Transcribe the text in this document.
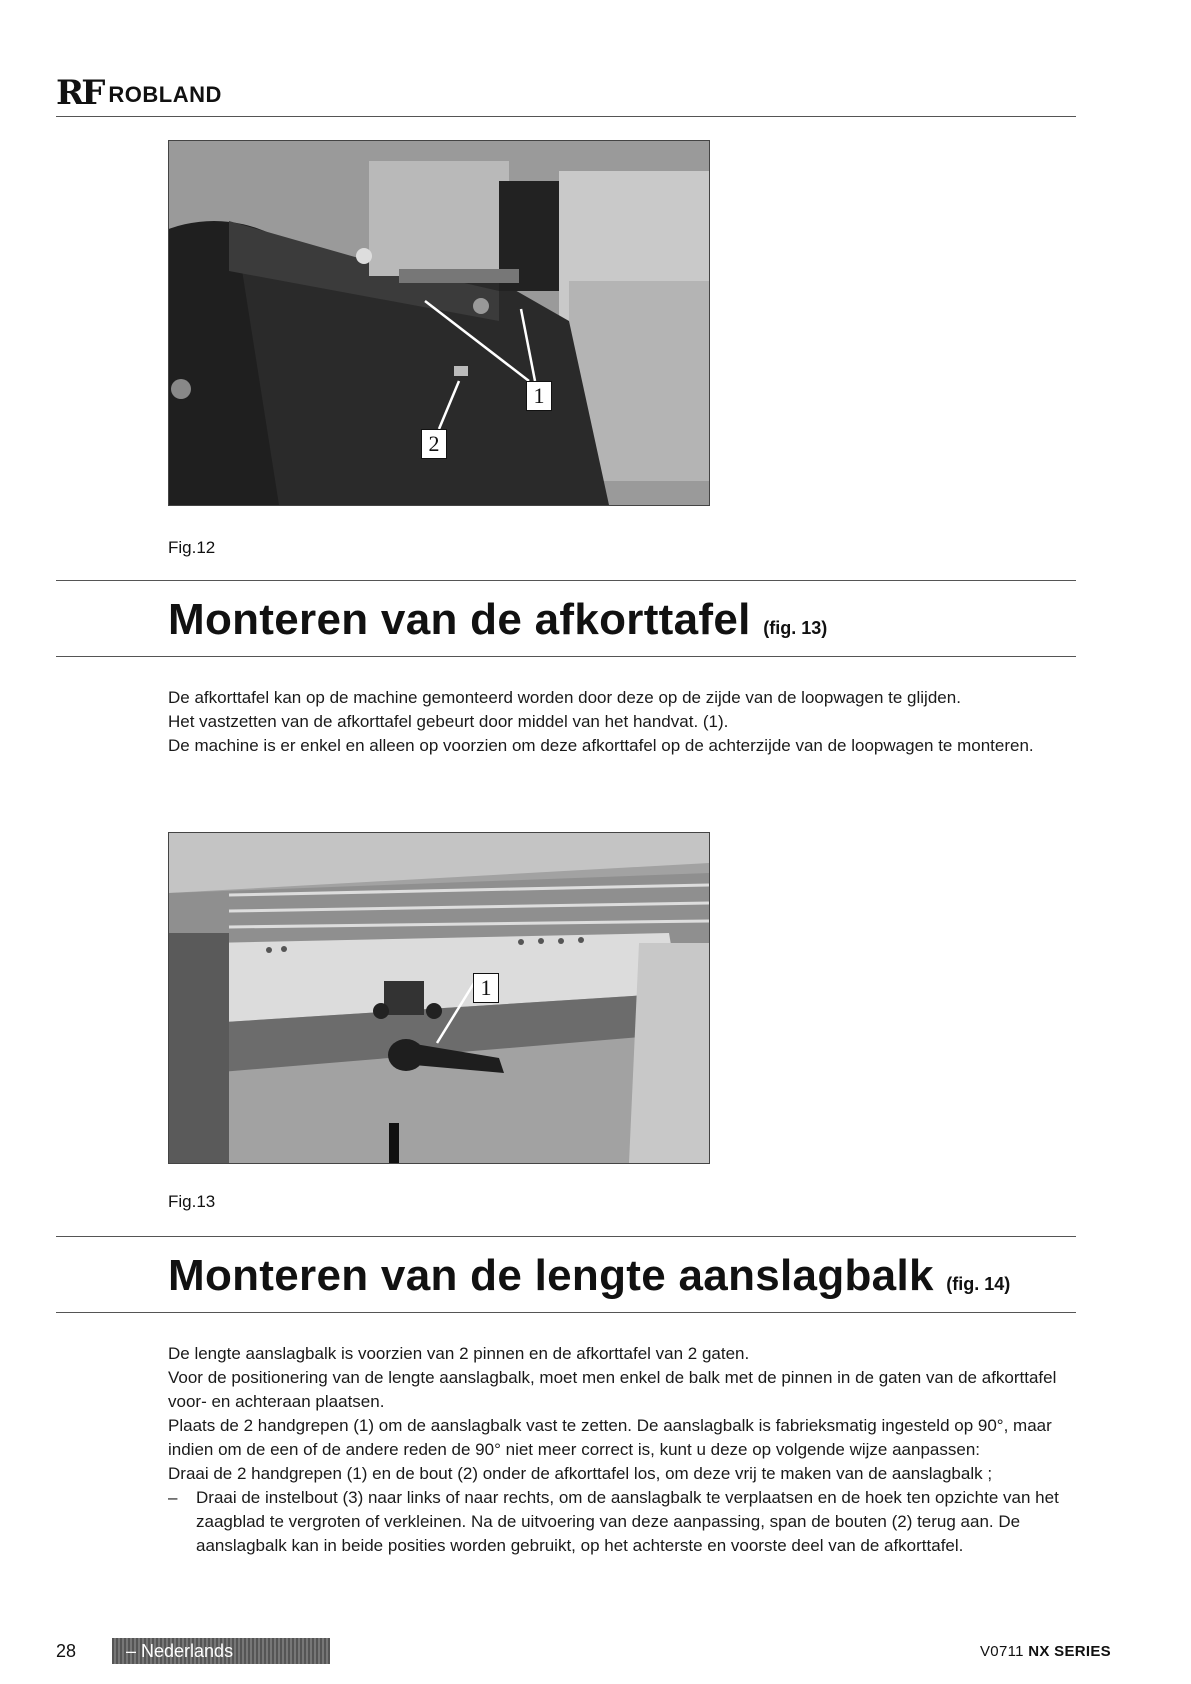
RF ROBLAND
1
2
Fig.12
Monteren van de afkorttafel (fig. 13)

De afkorttafel kan op de machine gemonteerd worden door deze op de zijde van de loopwagen te glijden.

Het vastzetten van de afkorttafel gebeurt door middel van het handvat. (1).

De machine is er enkel en alleen op voorzien om deze afkorttafel op de achterzijde van de loopwagen te monteren.

1
Fig.13
Monteren van de lengte aanslagbalk (fig. 14)

De lengte aanslagbalk is voorzien van 2 pinnen en de afkorttafel van 2 gaten.

Voor de positionering van de lengte aanslagbalk, moet men enkel de balk met de pinnen in de gaten van de afkorttafel voor- en achteraan plaatsen.

Plaats de 2 handgrepen (1) om de aanslagbalk vast te zetten. De aanslagbalk is fabrieksmatig ingesteld op 90°, maar indien om de een of de andere reden de 90° niet meer correct is, kunt u deze op volgende wijze aanpassen:

Draai de 2 handgrepen (1) en de bout (2) onder de afkorttafel los, om deze vrij te maken van de aanslagbalk ;

–	Draai de instelbout (3) naar links of naar rechts, om de aanslagbalk te verplaatsen en de hoek ten opzichte van het zaagblad te vergroten of verkleinen. Na de uitvoering van deze aanpassing, span de bouten (2) terug aan. De aanslagbalk kan in beide posities worden gebruikt, op het achterste en voorste deel van de afkorttafel.
28	– Nederlands	V0711 NX SERIES
